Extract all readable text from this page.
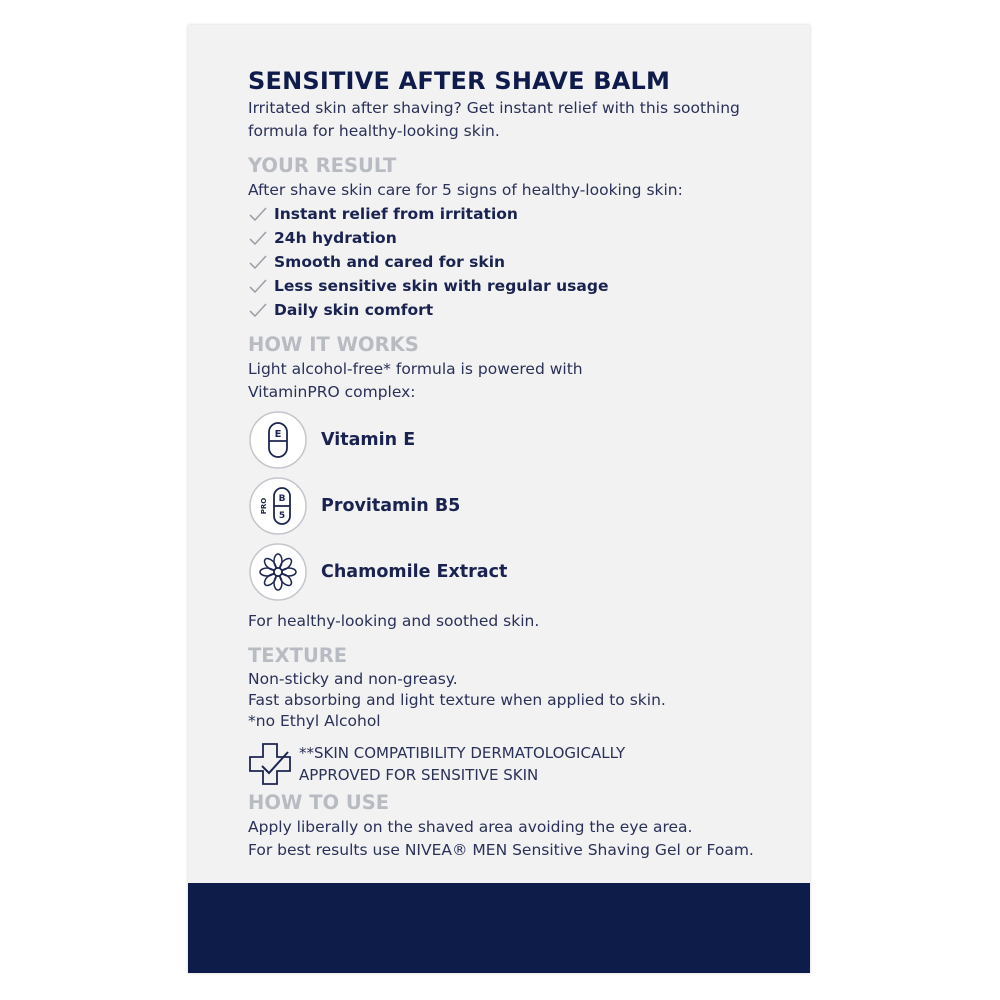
SENSITIVE AFTER SHAVE BALM
Irritated skin after shaving? Get instant relief with this soothing
formula for healthy-looking skin.
YOUR RESULT
After shave skin care for 5 signs of healthy-looking skin:
Instant relief from irritation
24h hydration
Smooth and cared for skin
Less sensitive skin with regular usage
Daily skin comfort
HOW IT WORKS
Light alcohol-free* formula is powered with
VitaminPRO complex:
E Vitamin E
B
5
PRO	Provitamin B5
Chamomile Extract
For healthy-looking and soothed skin.
TEXTURE
Non-sticky and non-greasy.
Fast absorbing and light texture when applied to skin.
*no Ethyl Alcohol
**SKIN COMPATIBILITY DERMATOLOGICALLY
APPROVED FOR SENSITIVE SKIN
HOW TO USE
Apply liberally on the shaved area avoiding the eye area.
For best results use NIVEA® MEN Sensitive Shaving Gel or Foam.
